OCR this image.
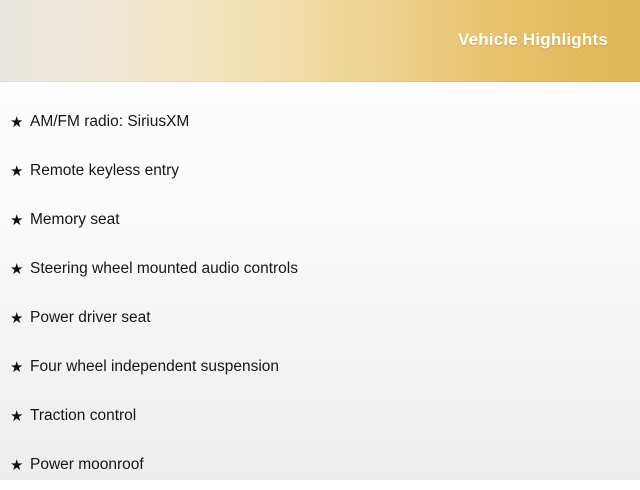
Vehicle Highlights
★ AM/FM radio: SiriusXM
★ Remote keyless entry
★ Memory seat
★ Steering wheel mounted audio controls
★ Power driver seat
★ Four wheel independent suspension
★ Traction control
★ Power moonroof
